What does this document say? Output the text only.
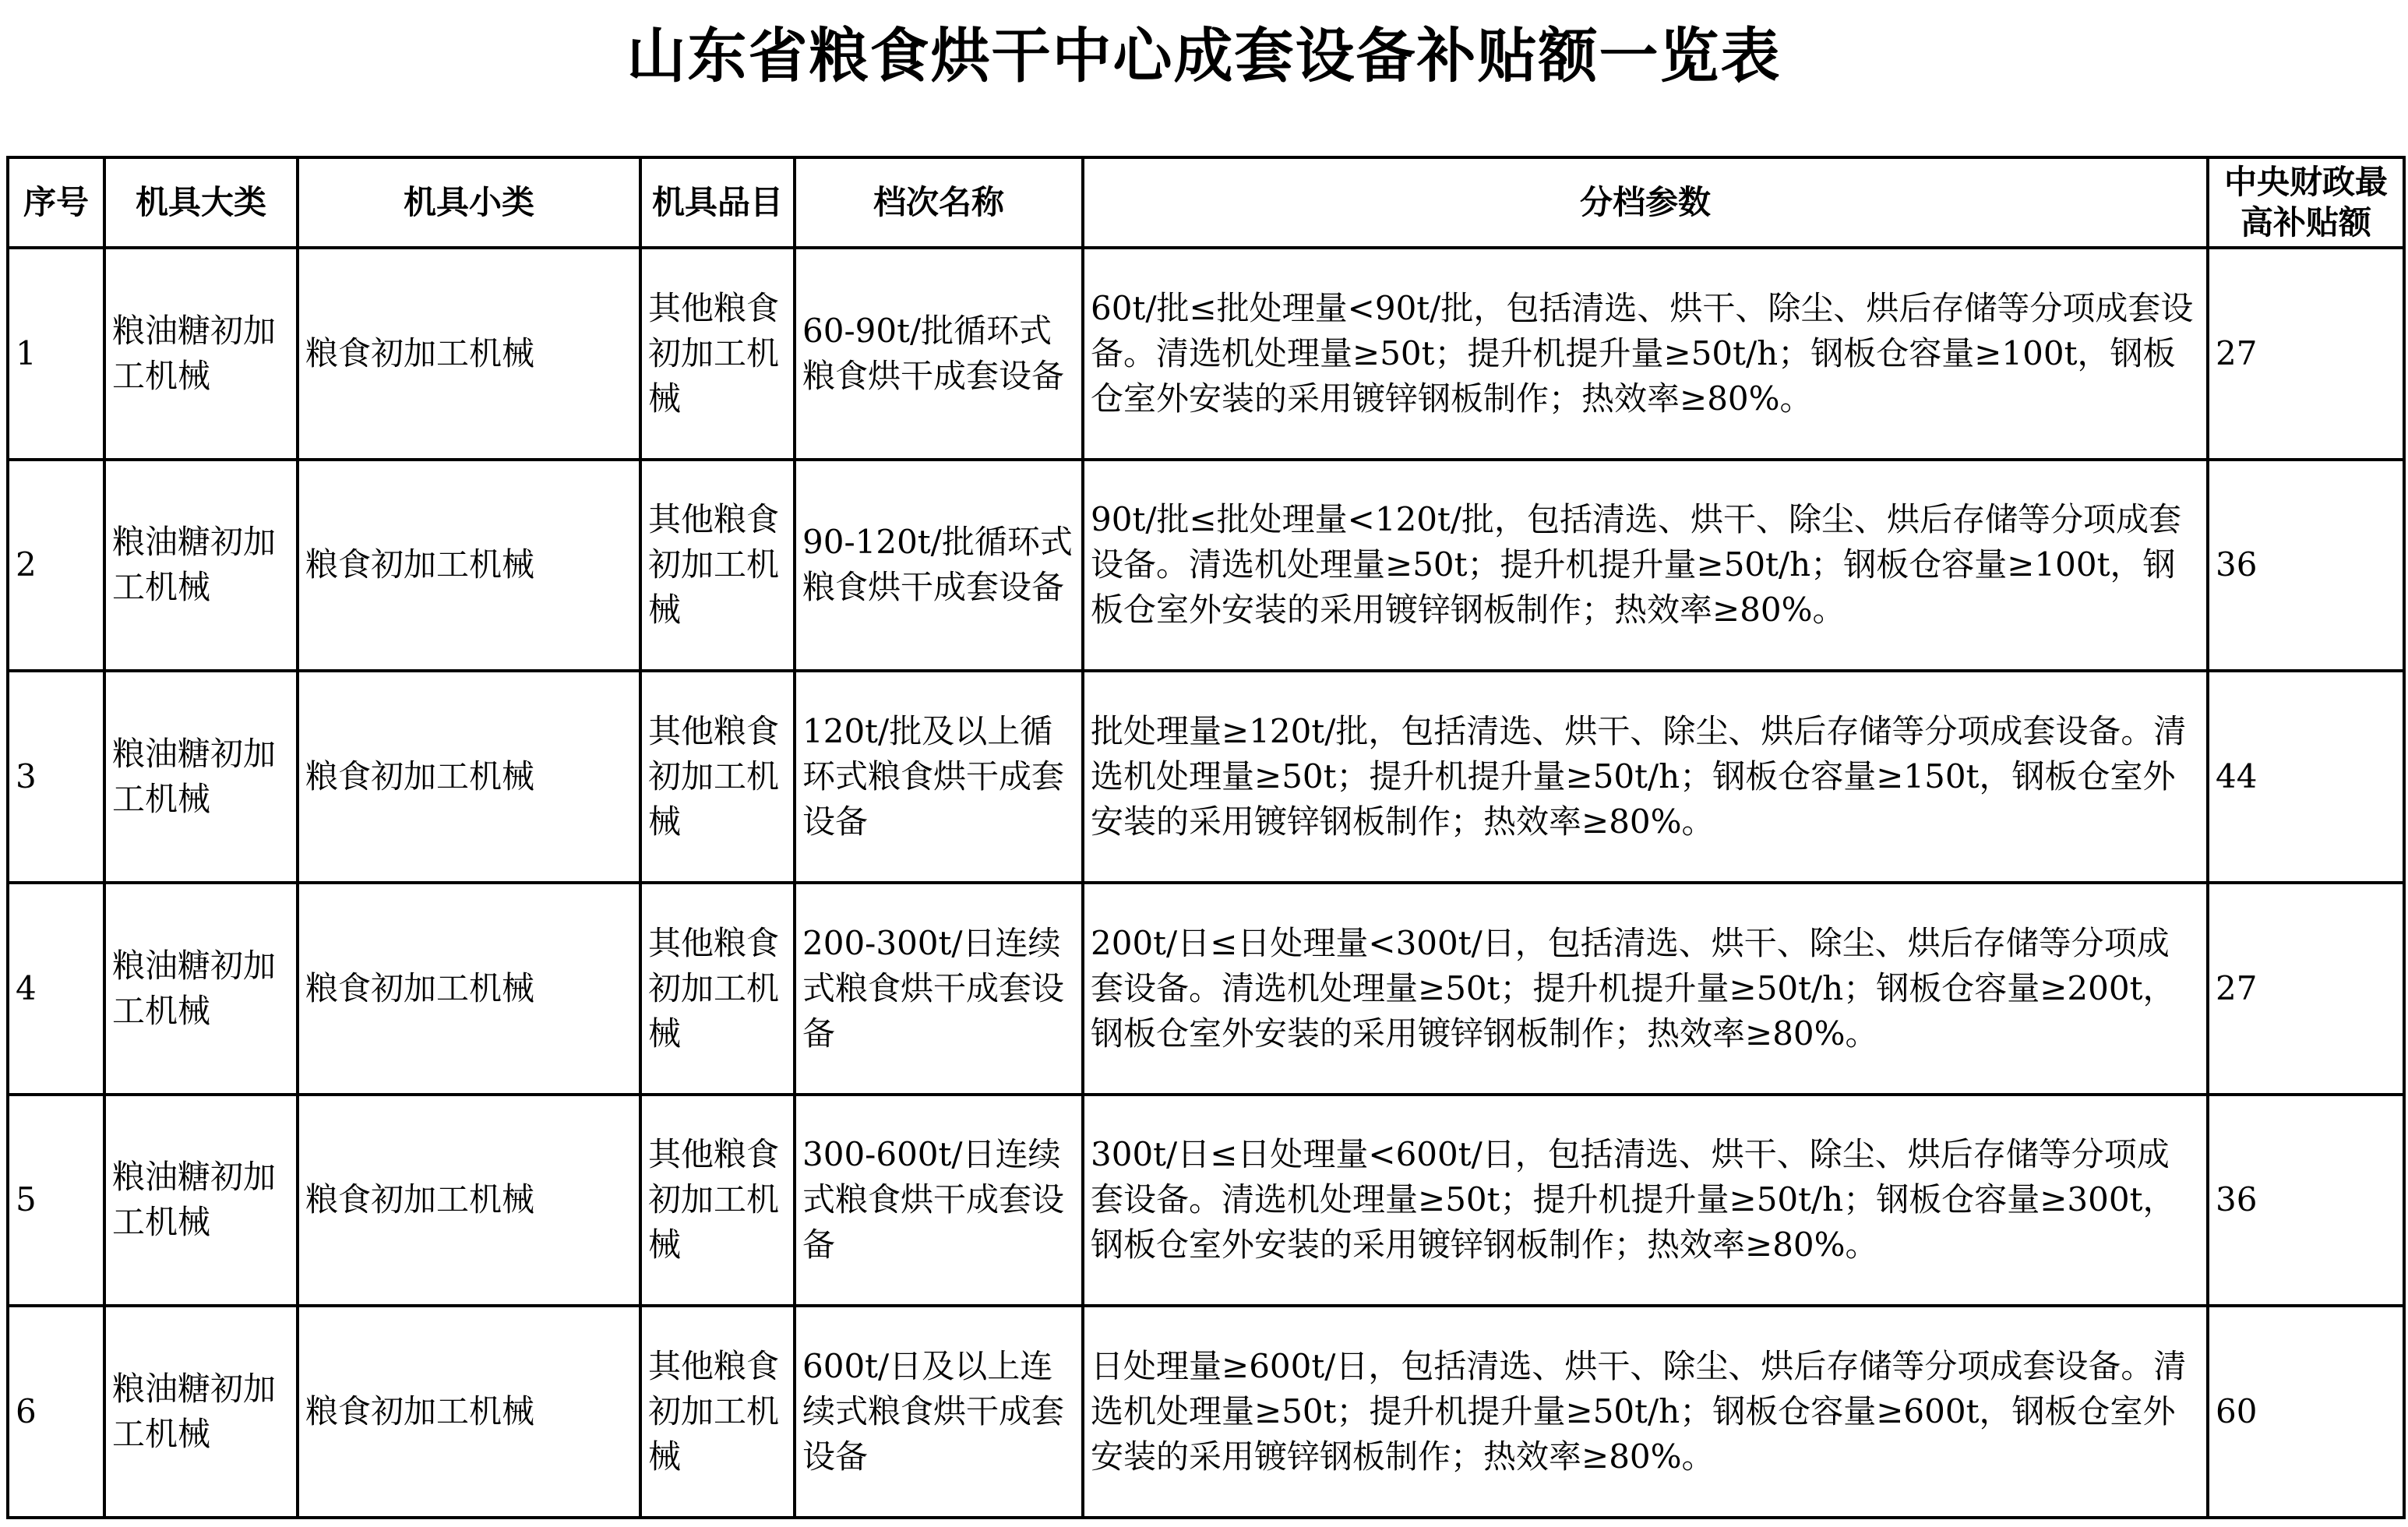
山东省粮食烘干中心成套设备补贴额一览表
序号	机具大类	机具小类	机具品目	档次名称	分档参数	中央财政最高补贴额
1	粮油糖初加工机械	粮食初加工机械	其他粮食初加工机械	60-90t/批循环式粮食烘干成套设备	60t/批≤批处理量<90t/批，包括清选、烘干、除尘、烘后存储等分项成套设备。清选机处理量≥50t；提升机提升量≥50t/h；钢板仓容量≥100t，钢板仓室外安装的采用镀锌钢板制作；热效率≥80%。	27
2	粮油糖初加工机械	粮食初加工机械	其他粮食初加工机械	90-120t/批循环式粮食烘干成套设备	90t/批≤批处理量<120t/批，包括清选、烘干、除尘、烘后存储等分项成套设备。清选机处理量≥50t；提升机提升量≥50t/h；钢板仓容量≥100t，钢板仓室外安装的采用镀锌钢板制作；热效率≥80%。	36
3	粮油糖初加工机械	粮食初加工机械	其他粮食初加工机械	120t/批及以上循环式粮食烘干成套设备	批处理量≥120t/批，包括清选、烘干、除尘、烘后存储等分项成套设备。清选机处理量≥50t；提升机提升量≥50t/h；钢板仓容量≥150t，钢板仓室外安装的采用镀锌钢板制作；热效率≥80%。	44
4	粮油糖初加工机械	粮食初加工机械	其他粮食初加工机械	200-300t/日连续式粮食烘干成套设备	200t/日≤日处理量<300t/日，包括清选、烘干、除尘、烘后存储等分项成套设备。清选机处理量≥50t；提升机提升量≥50t/h；钢板仓容量≥200t，钢板仓室外安装的采用镀锌钢板制作；热效率≥80%。	27
5	粮油糖初加工机械	粮食初加工机械	其他粮食初加工机械	300-600t/日连续式粮食烘干成套设备	300t/日≤日处理量<600t/日，包括清选、烘干、除尘、烘后存储等分项成套设备。清选机处理量≥50t；提升机提升量≥50t/h；钢板仓容量≥300t，钢板仓室外安装的采用镀锌钢板制作；热效率≥80%。	36
6	粮油糖初加工机械	粮食初加工机械	其他粮食初加工机械	600t/日及以上连续式粮食烘干成套设备	日处理量≥600t/日，包括清选、烘干、除尘、烘后存储等分项成套设备。清选机处理量≥50t；提升机提升量≥50t/h；钢板仓容量≥600t，钢板仓室外安装的采用镀锌钢板制作；热效率≥80%。	60
